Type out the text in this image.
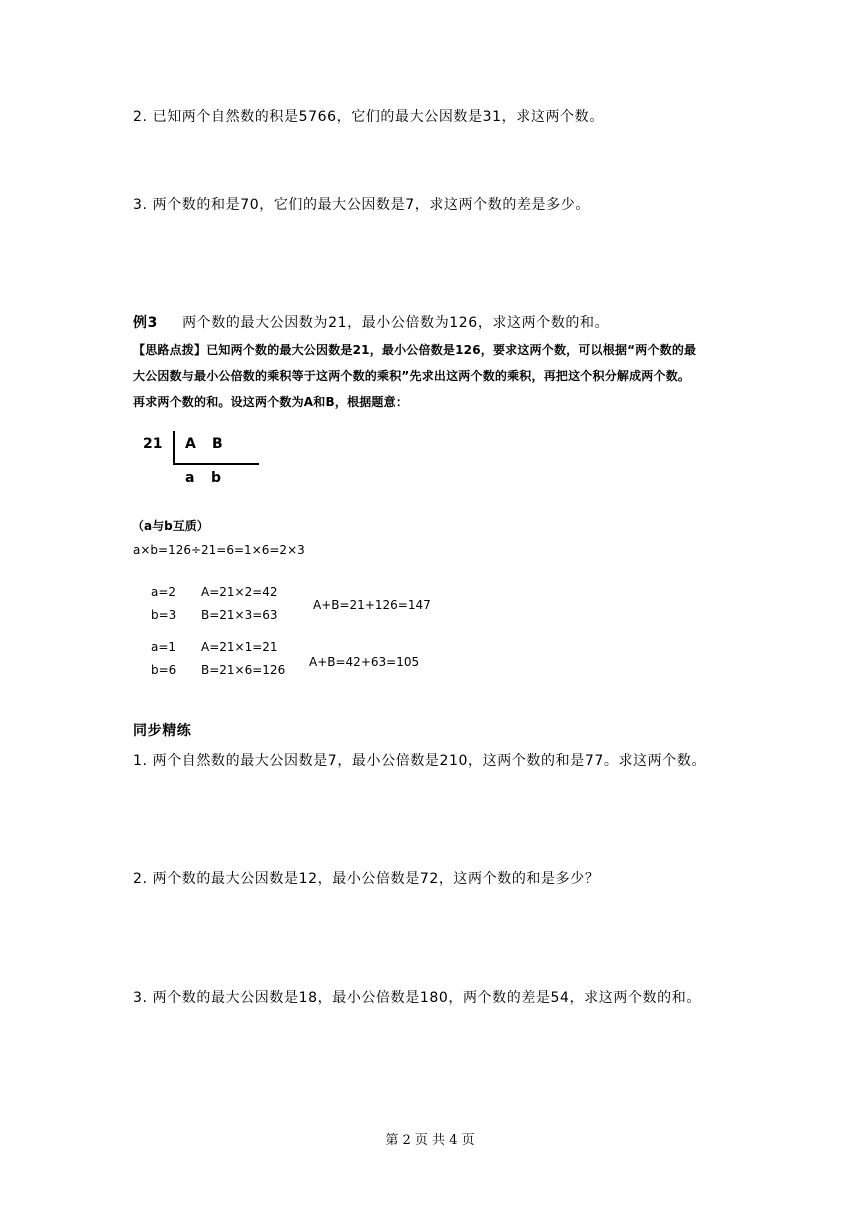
2. 已知两个自然数的积是5766，它们的最大公因数是31，求这两个数。
3. 两个数的和是70，它们的最大公因数是7，求这两个数的差是多少。
例3 两个数的最大公因数为21，最小公倍数为126，求这两个数的和。
【思路点拨】已知两个数的最大公因数是21，最小公倍数是126，要求这两个数，可以根据“两个数的最
大公因数与最小公倍数的乘积等于这两个数的乘积”先求出这两个数的乘积，再把这个积分解成两个数。
再求两个数的和。设这两个数为A和B，根据题意：
21 A B
a b
（a与b互质）
a×b=126÷21=6=1×6=2×3
a=2
b=3
A=21×2=42
B=21×3=63
A+B=21+126=147
a=1
b=6
A=21×1=21
B=21×6=126
A+B=42+63=105
同步精练
1. 两个自然数的最大公因数是7，最小公倍数是210，这两个数的和是77。求这两个数。
2. 两个数的最大公因数是12，最小公倍数是72，这两个数的和是多少？
3. 两个数的最大公因数是18，最小公倍数是180，两个数的差是54，求这两个数的和。
第 2 页 共 4 页
